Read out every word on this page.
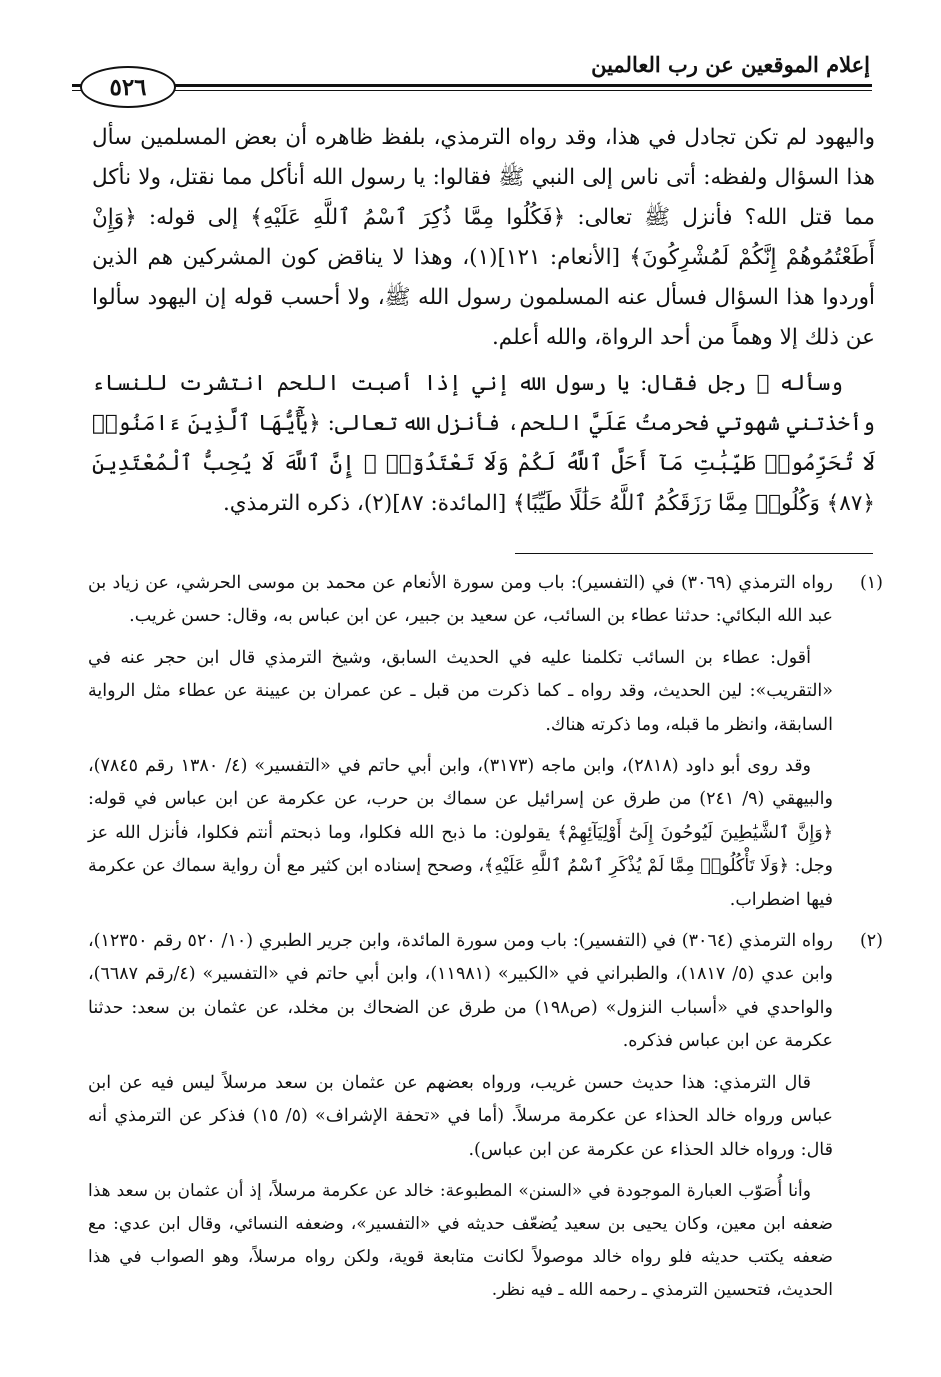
إعلام الموقعين عن رب العالمين
٥٢٦

واليهود لم تكن تجادل في هذا، وقد رواه الترمذي، بلفظ ظاهره أن بعض المسلمين سأل هذا السؤال ولفظه: أتى ناس إلى النبي ﷺ فقالوا: يا رسول الله أنأكل مما نقتل، ولا نأكل مما قتل الله؟ فأنزل ﷺ تعالى: ﴿فَكُلُوا مِمَّا ذُكِرَ ٱسْمُ ٱللَّهِ عَلَيْهِ﴾ إلى قوله: ﴿وَإِنْ أَطَعْتُمُوهُمْ إِنَّكُمْ لَمُشْرِكُونَ﴾ [الأنعام: ١٢١](١)، وهذا لا يناقض كون المشركين هم الذين أوردوا هذا السؤال فسأل عنه المسلمون رسول الله ﷺ، ولا أحسب قوله إن اليهود سألوا عن ذلك إلا وهماً من أحد الرواة، والله أعلم.

وسأله ﷺ رجل فقال: يا رسول الله إني إذا أصبت اللحم انتشرت للنساء وأخذتني شهوتي فحرمتُ عَلَيَّ اللحم، فأنزل الله تعالى: ﴿يَٰٓأَيُّهَا ٱلَّذِينَ ءَامَنُوا۟ لَا تُحَرِّمُوا۟ طَيِّبَٰتِ مَآ أَحَلَّ ٱللَّهُ لَكُمْ وَلَا تَعْتَدُوٓا۟ ۚ إِنَّ ٱللَّهَ لَا يُحِبُّ ٱلْمُعْتَدِينَ ﴿٨٧﴾ وَكُلُوا۟ مِمَّا رَزَقَكُمُ ٱللَّهُ حَلَٰلًا طَيِّبًا﴾ [المائدة: ٨٧](٢)، ذكره الترمذي.

(١)

رواه الترمذي (٣٠٦٩) في (التفسير): باب ومن سورة الأنعام عن محمد بن موسى الحرشي، عن زياد بن عبد الله البكائي: حدثنا عطاء بن السائب، عن سعيد بن جبير، عن ابن عباس به، وقال: حسن غريب.

أقول: عطاء بن السائب تكلمنا عليه في الحديث السابق، وشيخ الترمذي قال ابن حجر عنه في «التقريب»: لين الحديث، وقد رواه ـ كما ذكرت من قبل ـ عن عمران بن عيينة عن عطاء مثل الرواية السابقة، وانظر ما قبله، وما ذكرته هناك.

وقد روى أبو داود (٢٨١٨)، وابن ماجه (٣١٧٣)، وابن أبي حاتم في «التفسير» (٤/ ١٣٨٠ رقم ٧٨٤٥)، والبيهقي (٩/ ٢٤١) من طرق عن إسرائيل عن سماك بن حرب، عن عكرمة عن ابن عباس في قوله: ﴿وَإِنَّ ٱلشَّيَٰطِينَ لَيُوحُونَ إِلَىٰٓ أَوْلِيَآئِهِمْ﴾ يقولون: ما ذبح الله فكلوا، وما ذبحتم أنتم فكلوا، فأنزل الله عز وجل: ﴿وَلَا تَأْكُلُوا۟ مِمَّا لَمْ يُذْكَرِ ٱسْمُ ٱللَّهِ عَلَيْهِ﴾، وصحح إسناده ابن كثير مع أن رواية سماك عن عكرمة فيها اضطراب.

(٢)

رواه الترمذي (٣٠٦٤) في (التفسير): باب ومن سورة المائدة، وابن جرير الطبري (١٠/ ٥٢٠ رقم ١٢٣٥٠)، وابن عدي (٥/ ١٨١٧)، والطبراني في «الكبير» (١١٩٨١)، وابن أبي حاتم في «التفسير» (٤/رقم ٦٦٨٧)، والواحدي في «أسباب النزول» (ص١٩٨) من طرق عن الضحاك بن مخلد، عن عثمان بن سعد: حدثنا عكرمة عن ابن عباس فذكره.

قال الترمذي: هذا حديث حسن غريب، ورواه بعضهم عن عثمان بن سعد مرسلاً ليس فيه عن ابن عباس ورواه خالد الحذاء عن عكرمة مرسلاً. (أما في «تحفة الإشراف» (٥/ ١٥) فذكر عن الترمذي أنه قال: ورواه خالد الحذاء عن عكرمة عن ابن عباس).

وأنا أُصَوّب العبارة الموجودة في «السنن» المطبوعة: خالد عن عكرمة مرسلاً، إذ أن عثمان بن سعد هذا ضعفه ابن معين، وكان يحيى بن سعيد يُضعّف حديثه في «التفسير»، وضعفه النسائي، وقال ابن عدي: مع ضعفه يكتب حديثه فلو رواه خالد موصولاً لكانت متابعة قوية، ولكن رواه مرسلاً، وهو الصواب في هذا الحديث، فتحسين الترمذي ـ رحمه الله ـ فيه نظر.
